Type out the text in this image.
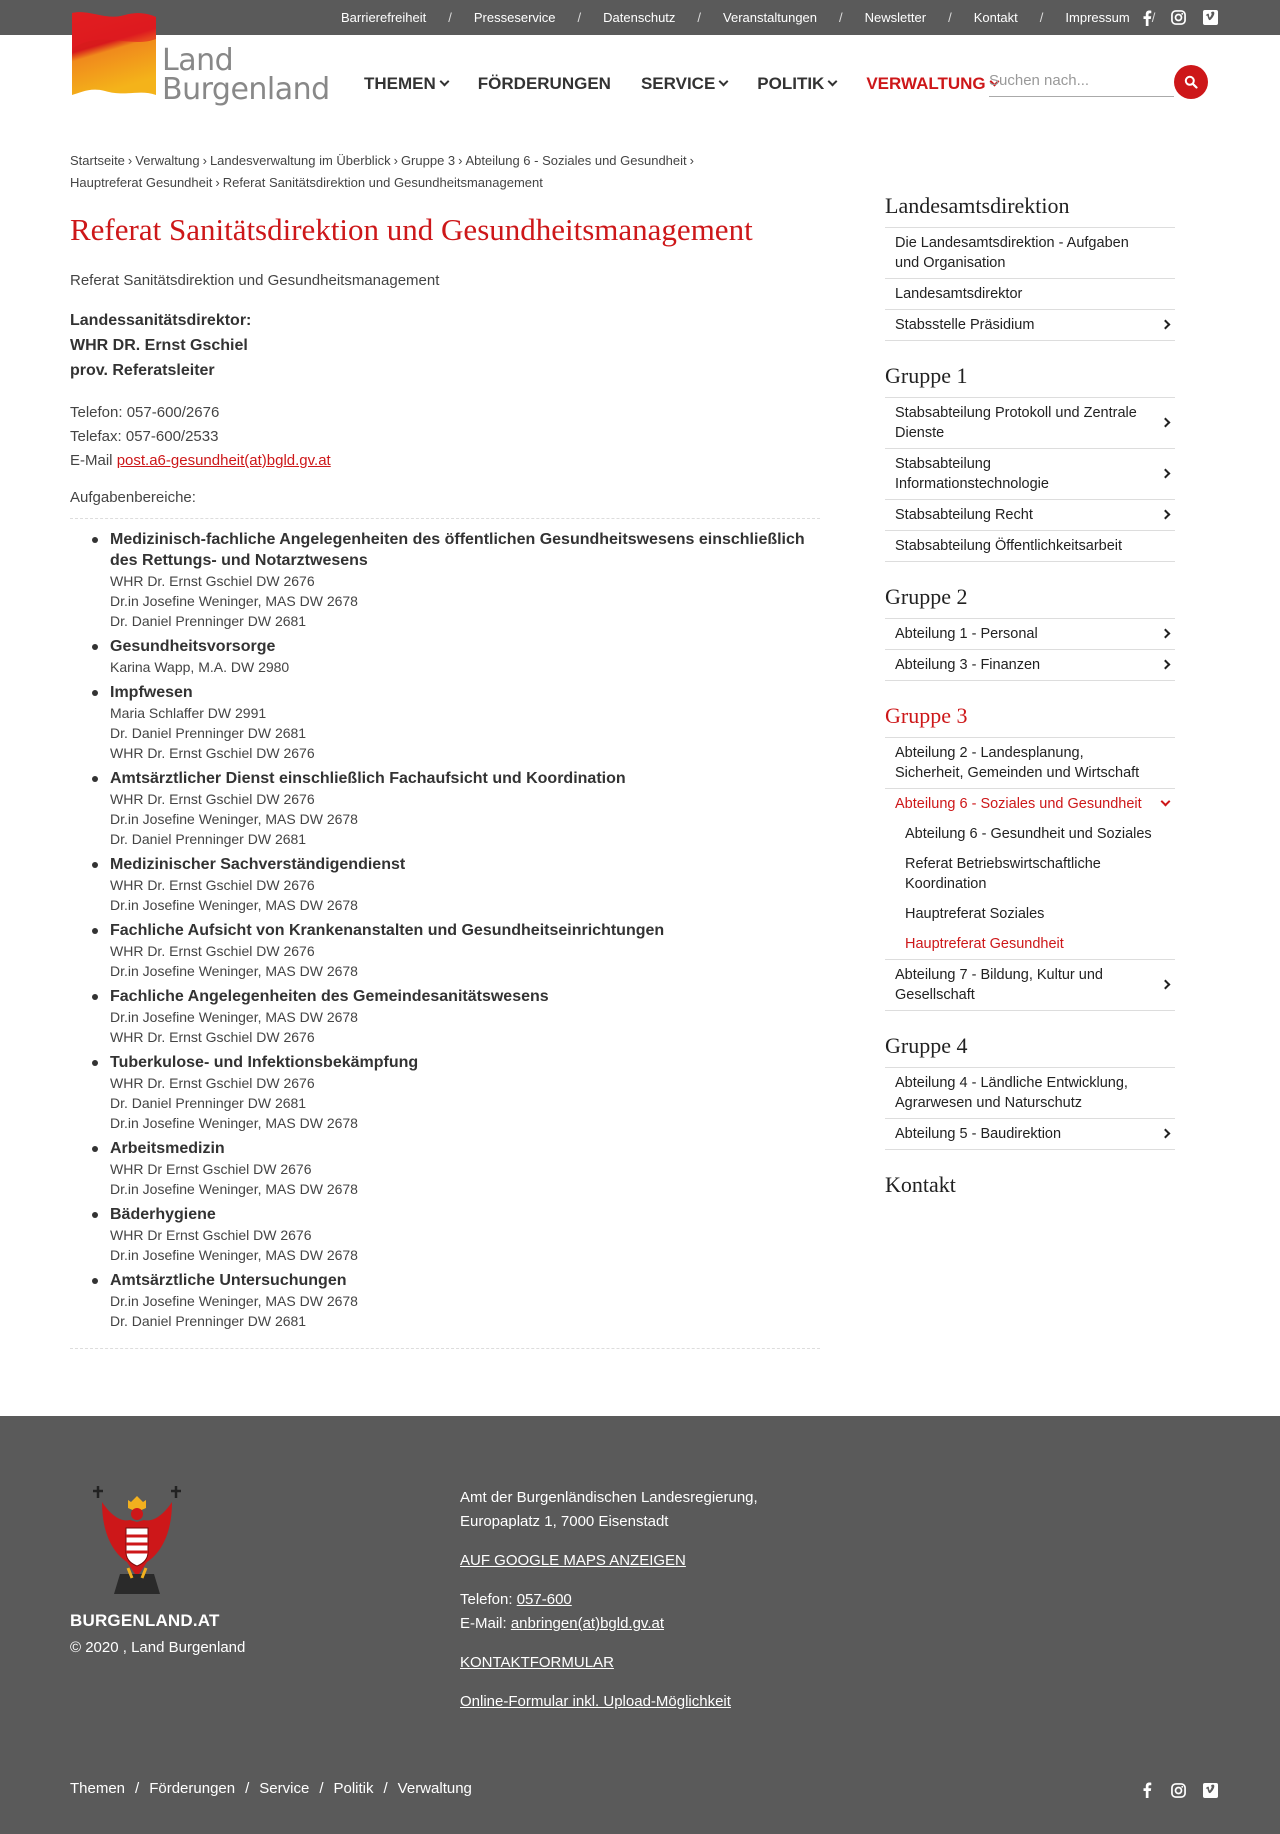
Barrierefreiheit / Presseservice / Datenschutz / Veranstaltungen / Newsletter / Kontakt / Impressum /
Land
Burgenland THEMEN FÖRDERUNGEN SERVICE POLITIK VERWALTUNG
Suchen nach...
Startseite › Verwaltung › Landesverwaltung im Überblick › Gruppe 3 › Abteilung 6 - Soziales und Gesundheit ›
Hauptreferat Gesundheit › Referat Sanitätsdirektion und Gesundheitsmanagement
Referat Sanitätsdirektion und Gesundheitsmanagement

Referat Sanitätsdirektion und Gesundheitsmanagement

Landessanitätsdirektor:
WHR DR. Ernst Gschiel
prov. Referatsleiter
Telefon: 057-600/2676
Telefax: 057-600/2533
E-Mail post.a6-gesundheit(at)bgld.gv.at

Aufgabenbereiche:

Medizinisch-fachliche Angelegenheiten des öffentlichen Gesundheitswesens einschließlich des Rettungs- und Notarztwesens
WHR Dr. Ernst Gschiel DW 2676
Dr.in Josefine Weninger, MAS DW 2678
Dr. Daniel Prenninger DW 2681
Gesundheitsvorsorge
Karina Wapp, M.A. DW 2980
Impfwesen
Maria Schlaffer DW 2991
Dr. Daniel Prenninger DW 2681
WHR Dr. Ernst Gschiel DW 2676
Amtsärztlicher Dienst einschließlich Fachaufsicht und Koordination
WHR Dr. Ernst Gschiel DW 2676
Dr.in Josefine Weninger, MAS DW 2678
Dr. Daniel Prenninger DW 2681
Medizinischer Sachverständigendienst
WHR Dr. Ernst Gschiel DW 2676
Dr.in Josefine Weninger, MAS DW 2678
Fachliche Aufsicht von Krankenanstalten und Gesundheitseinrichtungen
WHR Dr. Ernst Gschiel DW 2676
Dr.in Josefine Weninger, MAS DW 2678
Fachliche Angelegenheiten des Gemeindesanitätswesens
Dr.in Josefine Weninger, MAS DW 2678
WHR Dr. Ernst Gschiel DW 2676
Tuberkulose- und Infektionsbekämpfung
WHR Dr. Ernst Gschiel DW 2676
Dr. Daniel Prenninger DW 2681
Dr.in Josefine Weninger, MAS DW 2678
Arbeitsmedizin
WHR Dr Ernst Gschiel DW 2676
Dr.in Josefine Weninger, MAS DW 2678
Bäderhygiene
WHR Dr Ernst Gschiel DW 2676
Dr.in Josefine Weninger, MAS DW 2678
Amtsärztliche Untersuchungen
Dr.in Josefine Weninger, MAS DW 2678
Dr. Daniel Prenninger DW 2681
Landesamtsdirektion
Die Landesamtsdirektion - Aufgaben und Organisation
Landesamtsdirektor
Stabsstelle Präsidium
Gruppe 1
Stabsabteilung Protokoll und Zentrale Dienste
Stabsabteilung Informationstechnologie
Stabsabteilung Recht
Stabsabteilung Öffentlichkeitsarbeit
Gruppe 2
Abteilung 1 - Personal
Abteilung 3 - Finanzen
Gruppe 3
Abteilung 2 - Landesplanung, Sicherheit, Gemeinden und Wirtschaft
Abteilung 6 - Soziales und Gesundheit
Abteilung 6 - Gesundheit und Soziales
Referat Betriebswirtschaftliche Koordination
Hauptreferat Soziales
Hauptreferat Gesundheit
Abteilung 7 - Bildung, Kultur und Gesellschaft
Gruppe 4
Abteilung 4 - Ländliche Entwicklung, Agrarwesen und Naturschutz
Abteilung 5 - Baudirektion
Kontakt
BURGENLAND.AT
© 2020 , Land Burgenland
Amt der Burgenländischen Landesregierung,
Europaplatz 1, 7000 Eisenstadt
AUF GOOGLE MAPS ANZEIGEN
Telefon: 057-600
E-Mail: anbringen(at)bgld.gv.at
KONTAKTFORMULAR
Online-Formular inkl. Upload-Möglichkeit
Themen / Förderungen / Service / Politik / Verwaltung
